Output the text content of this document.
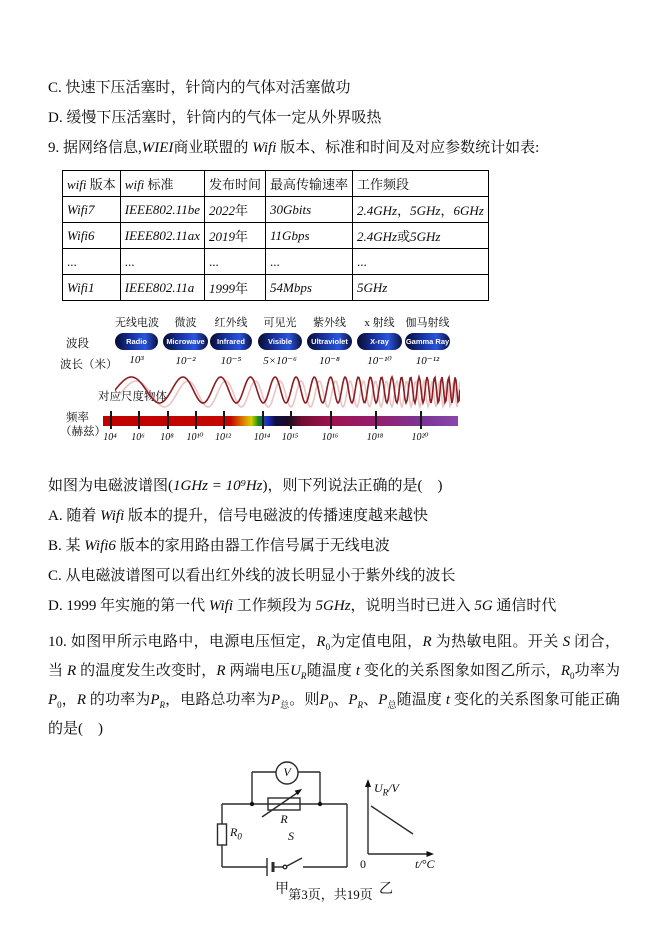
C. 快速下压活塞时，针筒内的气体对活塞做功

D. 缓慢下压活塞时，针筒内的气体一定从外界吸热

9. 据网络信息,WIEI商业联盟的 Wifi 版本、标准和时间及对应参数统计如表:

wifi 版本	wifi 标准	发布时间	最高传输速率	工作频段
Wifi7	IEEE802.11be	2022年	30Gbits	2.4GHz，5GHz，6GHz
Wifi6	IEEE802.11ax	2019年	11Gbps	2.4GHz或5GHz
...	...	...	...	...
Wifi1	IEEE802.11a	1999年	54Mbps	5GHz
波段
波长（米）
无线电波
Radio
10³
微波
Microwave
10⁻²
红外线
Infrared
10⁻⁵
可见光
Visible
5×10⁻⁶
紫外线
Ultraviolet
10⁻⁸
x 射线
X-ray
10⁻¹⁰
伽马射线
Gamma Ray
10⁻¹²
对应尺度物体
频率
（赫兹）
10⁴ 10⁶ 10⁸ 10¹⁰ 10¹² 10¹⁴ 10¹⁵ 10¹⁶	10¹⁸	10²⁰

如图为电磁波谱图(1GHz = 10⁹Hz)，则下列说法正确的是(　)

A. 随着 Wifi 版本的提升，信号电磁波的传播速度越来越快

B. 某 Wifi6 版本的家用路由器工作信号属于无线电波

C. 从电磁波谱图可以看出红外线的波长明显小于紫外线的波长

D. 1999 年实施的第一代 Wifi 工作频段为 5GHz，说明当时已进入 5G 通信时代

10. 如图甲所示电路中，电源电压恒定，$R_0$为定值电阻，R 为热敏电阻。开关 S 闭合，当 R 的温度发生改变时，R 两端电压$U_R$随温度 t 变化的关系图象如图乙所示，$R_0$功率为$P_0$，R 的功率为$P_R$，电路总功率为$P_总$。则$P_0$、$P_R$、$P_总$随温度 t 变化的关系图象可能正确的是(　)

V
R
$R_0$	S
甲
$U_R/V$
0	t/°C
乙
第3页，共19页
